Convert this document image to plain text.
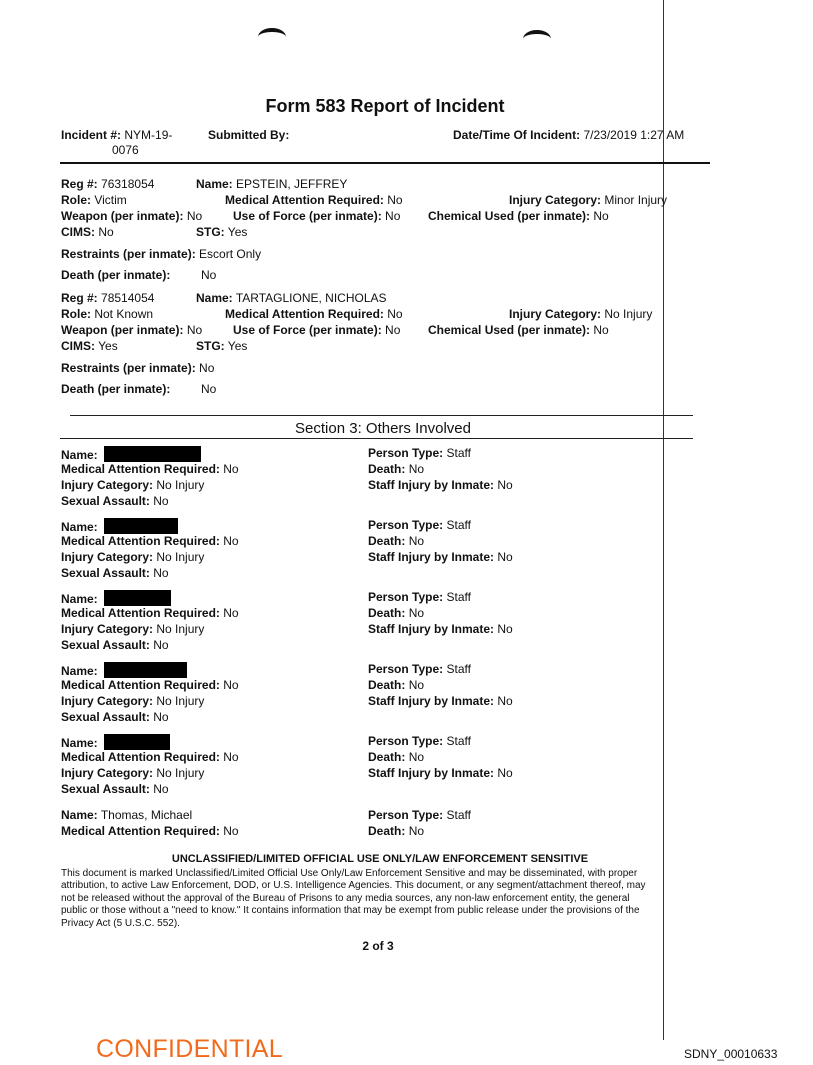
Form 583 Report of Incident
Incident #: NYM-19-
0076
Submitted By:	Date/Time Of Incident: 7/23/2019 1:27 AM
Reg #: 76318054	Name: EPSTEIN, JEFFREY
Role: Victim	Medical Attention Required: No	Injury Category: Minor Injury
Weapon (per inmate): No	Use of Force (per inmate): No Chemical Used (per inmate): No
CIMS: No	STG: Yes
Restraints (per inmate): Escort Only
Death (per inmate):	No
Reg #: 78514054	Name: TARTAGLIONE, NICHOLAS
Role: Not Known	Medical Attention Required: No	Injury Category: No Injury
Weapon (per inmate): No	Use of Force (per inmate): No Chemical Used (per inmate): No
CIMS: Yes	STG: Yes
Restraints (per inmate): No
Death (per inmate):	No
Section 3: Others Involved
Name:
Medical Attention Required: No
Injury Category: No Injury
Sexual Assault: No
Person Type: Staff
Death: No
Staff Injury by Inmate: No
Name:
Medical Attention Required: No
Injury Category: No Injury
Sexual Assault: No
Person Type: Staff
Death: No
Staff Injury by Inmate: No
Name:
Medical Attention Required: No
Injury Category: No Injury
Sexual Assault: No
Person Type: Staff
Death: No
Staff Injury by Inmate: No
Name:
Medical Attention Required: No
Injury Category: No Injury
Sexual Assault: No
Person Type: Staff
Death: No
Staff Injury by Inmate: No
Name:
Medical Attention Required: No
Injury Category: No Injury
Sexual Assault: No
Person Type: Staff
Death: No
Staff Injury by Inmate: No
Name: Thomas, Michael
Medical Attention Required: No
Person Type: Staff
Death: No
UNCLASSIFIED/LIMITED OFFICIAL USE ONLY/LAW ENFORCEMENT SENSITIVE
This document is marked Unclassified/Limited Official Use Only/Law Enforcement Sensitive and may be disseminated, with proper
attribution, to active Law Enforcement, DOD, or U.S. Intelligence Agencies. This document, or any segment/attachment thereof, may
not be released without the approval of the Bureau of Prisons to any media sources, any non-law enforcement entity, the general
public or those without a "need to know." It contains information that may be exempt from public release under the provisions of the
Privacy Act (5 U.S.C. 552).
2 of 3
CONFIDENTIAL	SDNY_00010633
